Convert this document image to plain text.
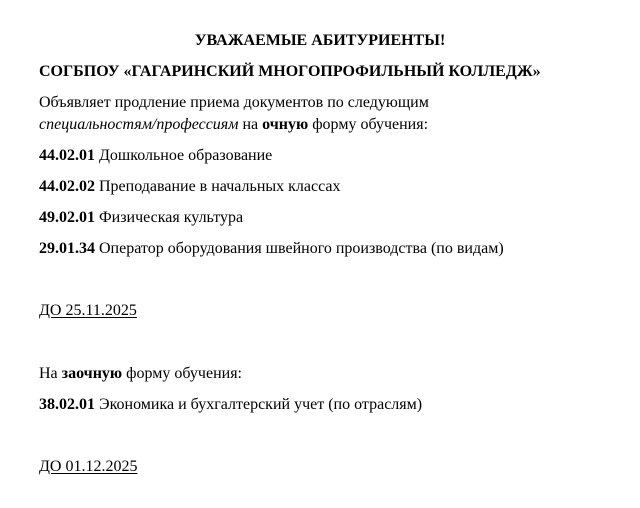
УВАЖАЕМЫЕ АБИТУРИЕНТЫ!
СОГБПОУ «ГАГАРИНСКИЙ МНОГОПРОФИЛЬНЫЙ КОЛЛЕДЖ»
Объявляет продление приема документов по следующим
специальностям/профессиям на очную форму обучения:
44.02.01 Дошкольное образование
44.02.02 Преподавание в начальных классах
49.02.01 Физическая культура
29.01.34 Оператор оборудования швейного производства (по видам)
ДО 25.11.2025
На заочную форму обучения:
38.02.01 Экономика и бухгалтерский учет (по отраслям)
ДО 01.12.2025
